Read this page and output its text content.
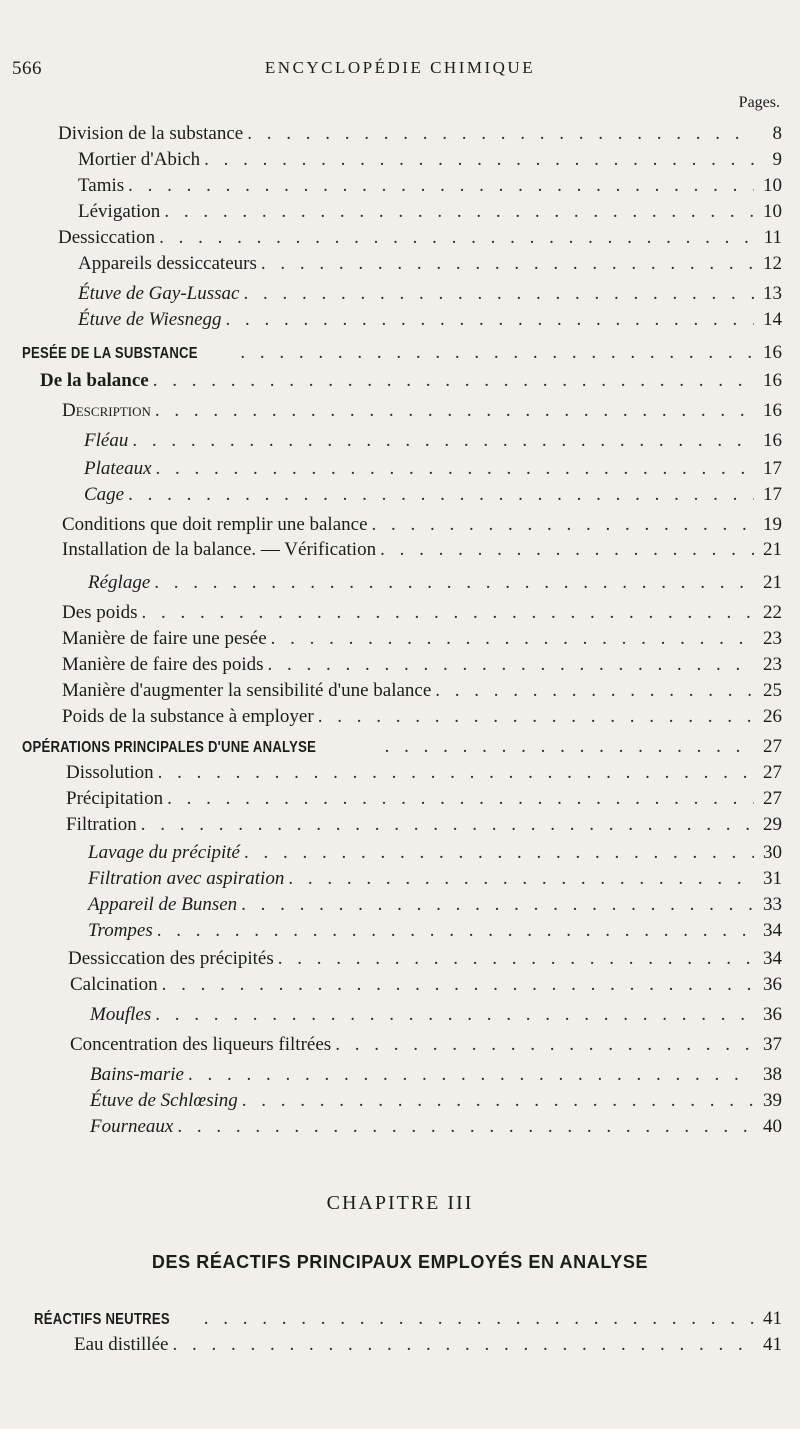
566	ENCYCLOPÉDIE CHIMIQUE
Pages.
Division de la substance . . .	8
Mortier d'Abich . . .	9
Tamis . . .	10
Lévigation . . .	10
Dessiccation . . .	11
Appareils dessiccateurs . . .	12
Étuve de Gay-Lussac . . .	13
Étuve de Wiesnegg . . .	14
PESÉE DE LA SUBSTANCE . . .	16
De la balance . . .	16
Description . . .	16
Fléau . . .	16
Plateaux . . .	17
Cage . . .	17
Conditions que doit remplir une balance . . .	19
Installation de la balance. — Vérification . . .	21
Réglage . . .	21
Des poids . . .	22
Manière de faire une pesée . . .	23
Manière de faire des poids . . .	23
Manière d'augmenter la sensibilité d'une balance . . .	25
Poids de la substance à employer . . .	26
OPÉRATIONS PRINCIPALES D'UNE ANALYSE . . .	27
Dissolution . . .	27
Précipitation . . .	27
Filtration . . .	29
Lavage du précipité . . .	30
Filtration avec aspiration . . .	31
Appareil de Bunsen . . .	33
Trompes . . .	34
Dessiccation des précipités . . .	34
Calcination . . .	36
Moufles . . .	36
Concentration des liqueurs filtrées . . .	37
Bains-marie . . .	38
Étuve de Schlœsing . . .	39
Fourneaux . . .	40
CHAPITRE III
DES RÉACTIFS PRINCIPAUX EMPLOYÉS EN ANALYSE
RÉACTIFS NEUTRES . . .	41
Eau distillée . . .	41
